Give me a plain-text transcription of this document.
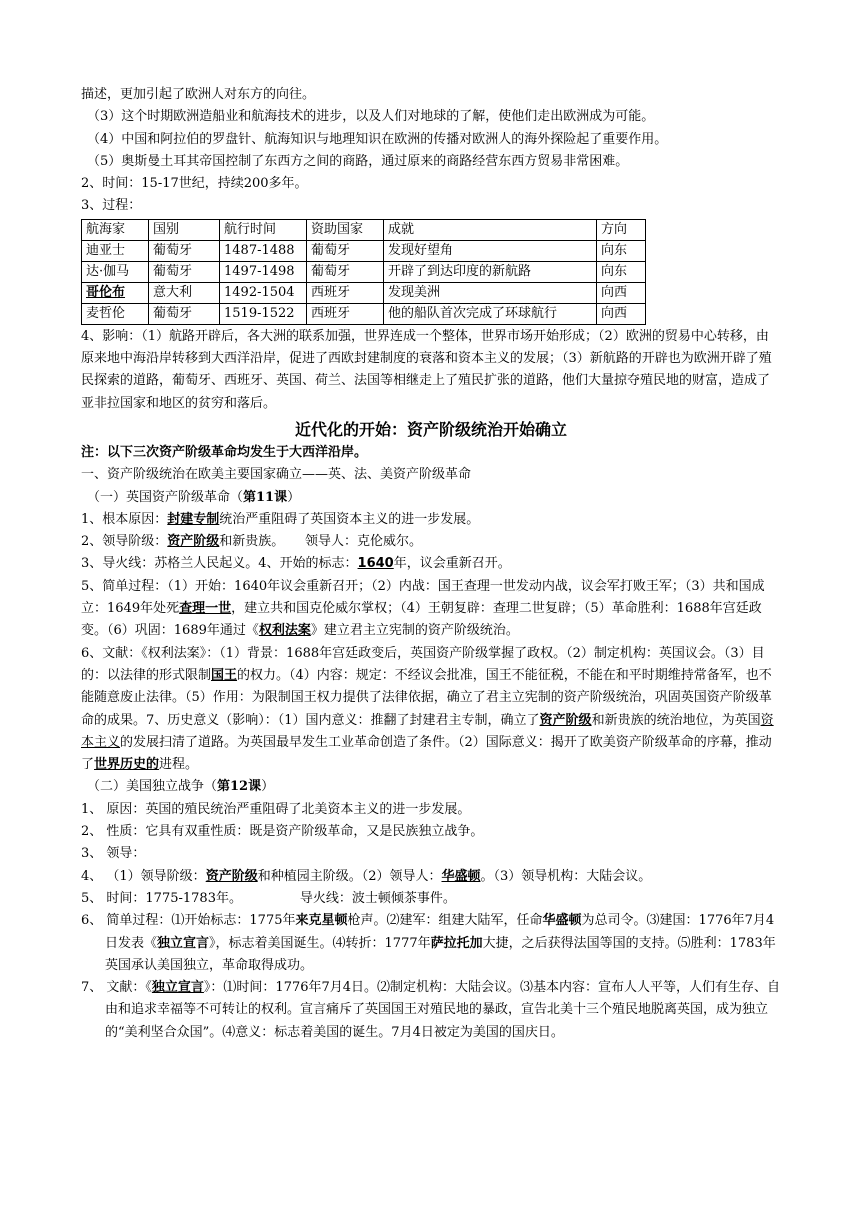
描述，更加引起了欧洲人对东方的向往。

（3）这个时期欧洲造船业和航海技术的进步，以及人们对地球的了解，使他们走出欧洲成为可能。

（4）中国和阿拉伯的罗盘针、航海知识与地理知识在欧洲的传播对欧洲人的海外探险起了重要作用。

（5）奥斯曼土耳其帝国控制了东西方之间的商路，通过原来的商路经营东西方贸易非常困难。

2、时间：15-17世纪，持续200多年。

3、过程：

航海家	国别	航行时间	资助国家	成就	方向
迪亚士	葡萄牙	1487-1488	葡萄牙	发现好望角	向东
达·伽马	葡萄牙	1497-1498	葡萄牙	开辟了到达印度的新航路	向东
哥伦布	意大利	1492-1504	西班牙	发现美洲	向西
麦哲伦	葡萄牙	1519-1522	西班牙	他的船队首次完成了环球航行	向西

4、影响：（1）航路开辟后，各大洲的联系加强，世界连成一个整体，世界市场开始形成；（2）欧洲的贸易中心转移，由原来地中海沿岸转移到大西洋沿岸，促进了西欧封建制度的衰落和资本主义的发展；（3）新航路的开辟也为欧洲开辟了殖民探索的道路，葡萄牙、西班牙、英国、荷兰、法国等相继走上了殖民扩张的道路，他们大量掠夺殖民地的财富，造成了亚非拉国家和地区的贫穷和落后。

近代化的开始：资产阶级统治开始确立

注：以下三次资产阶级革命均发生于大西洋沿岸。

一、资产阶级统治在欧美主要国家确立——英、法、美资产阶级革命

（一）英国资产阶级革命（第11课）

1、根本原因：封建专制统治严重阻碍了英国资本主义的进一步发展。

2、领导阶级：资产阶级和新贵族。     领导人：克伦威尔。

3、导火线：苏格兰人民起义。4、开始的标志：1640年，议会重新召开。

5、简单过程：（1）开始：1640年议会重新召开；（2）内战：国王查理一世发动内战，议会军打败王军；（3）共和国成立：1649年处死查理一世，建立共和国克伦威尔掌权；（4）王朝复辟：查理二世复辟；（5）革命胜利：1688年宫廷政变。（6）巩固：1689年通过《权利法案》建立君主立宪制的资产阶级统治。

6、文献：《权利法案》：（1）背景：1688年宫廷政变后，英国资产阶级掌握了政权。（2）制定机构：英国议会。（3）目的：以法律的形式限制国王的权力。（4）内容：规定：不经议会批准，国王不能征税，不能在和平时期维持常备军，也不能随意废止法律。（5）作用：为限制国王权力提供了法律依据，确立了君主立宪制的资产阶级统治，巩固英国资产阶级革命的成果。7、历史意义（影响）：（1）国内意义：推翻了封建君主专制，确立了资产阶级和新贵族的统治地位，为英国资本主义的发展扫清了道路。为英国最早发生工业革命创造了条件。（2）国际意义：揭开了欧美资产阶级革命的序幕，推动了世界历史的进程。

（二）美国独立战争（第12课）

1、 原因：英国的殖民统治严重阻碍了北美资本主义的进一步发展。

2、 性质：它具有双重性质：既是资产阶级革命，又是民族独立战争。

3、 领导：

4、 （1）领导阶级：资产阶级和种植园主阶级。（2）领导人：华盛顿。（3）领导机构：大陆会议。

5、 时间：1775-1783年。              导火线：波士顿倾茶事件。

6、 简单过程：⑴开始标志：1775年来克星顿枪声。⑵建军：组建大陆军，任命华盛顿为总司令。⑶建国：1776年7月4日发表《独立宣言》，标志着美国诞生。⑷转折：1777年萨拉托加大捷，之后获得法国等国的支持。⑸胜利：1783年英国承认美国独立，革命取得成功。

7、 文献：《独立宣言》：⑴时间：1776年7月4日。⑵制定机构：大陆会议。⑶基本内容：宣布人人平等，人们有生存、自由和追求幸福等不可转让的权利。宣言痛斥了英国国王对殖民地的暴政，宣告北美十三个殖民地脱离英国，成为独立的“美利坚合众国”。⑷意义：标志着美国的诞生。7月4日被定为美国的国庆日。
